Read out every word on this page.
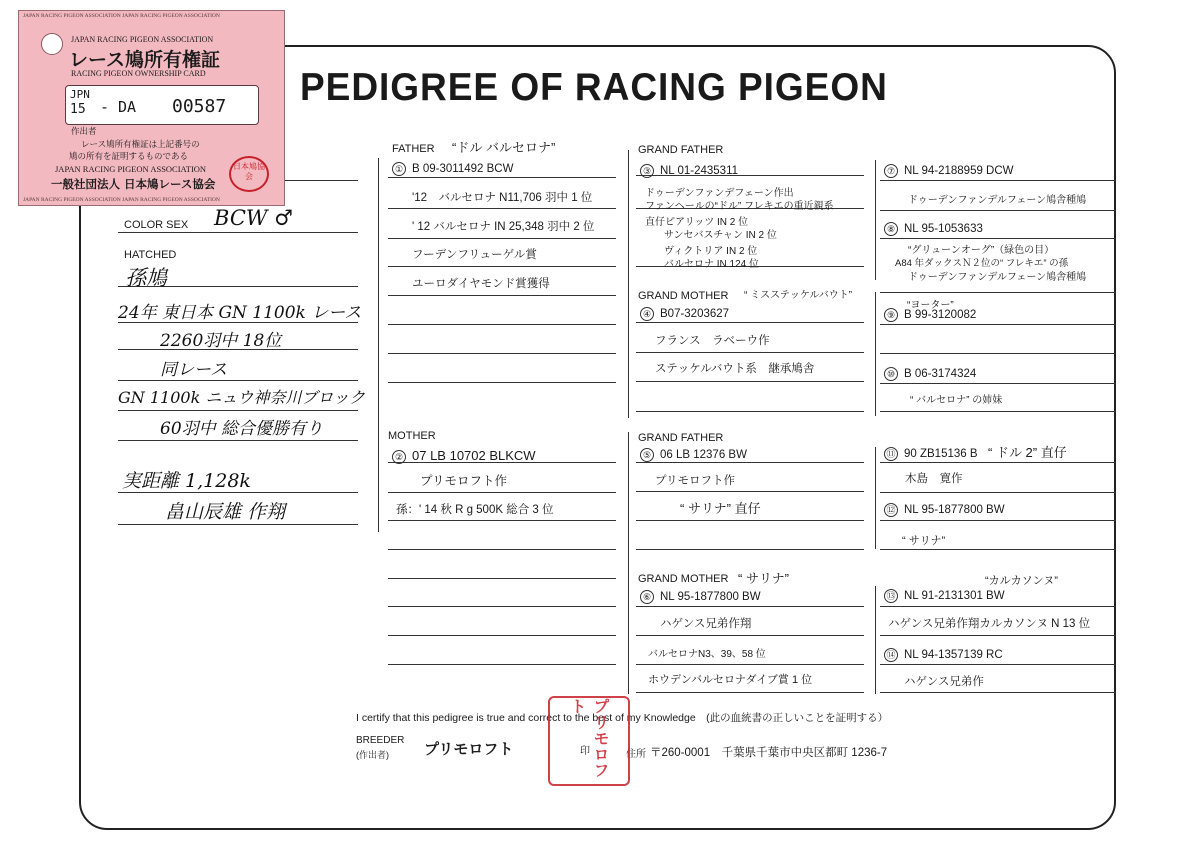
PEDIGREE OF RACING PIGEON
COLOR SEX BCW ♂
HATCHED
孫鳩
24年 東日本 GN 1100k レース
2260羽中 18位
同レース
GN 1100k ニュウ神奈川ブロック
60羽中 総合優勝有り
実距離 1,128k
畠山辰雄 作翔
FATHER “ドル バルセロナ”
① B 09-3011492 BCW
'12　バルセロナ N11,706 羽中 1 位
' 12 バルセロナ IN 25,348 羽中 2 位
フーデンフリューゲル賞
ユーロダイヤモンド賞獲得
MOTHER
② 07 LB 10702 BLKCW
プリモロフト作
孫：' 14 秋 R g 500K 総合 3 位
GRAND FATHER
③ NL 01-2435311
ドゥーデンファンデフェーン作出
ファンヘールの“ドル” フレキエの重近親系
直仔ピアリッツ IN 2 位
サンセバスチャン IN 2 位
ヴィクトリア IN 2 位
バルセロナ IN 124 位
GRAND MOTHER “ ミスステッケルバウト”
④ B07-3203627
フランス　ラベーウ作
ステッケルバウト系　継承鳩舎
GRAND FATHER
⑤ 06 LB 12376 BW
プリモロフト作
“ サリナ” 直仔
GRAND MOTHER “ サリナ”
⑥ NL 95-1877800 BW
ハゲンス兄弟作翔
バルセロナN3、39、58 位
ホウデンバルセロナダイブ賞 1 位
⑦ NL 94-2188959 DCW
ドゥーデンファンデルフェーン鳩舎種鳩
⑧ NL 95-1053633
“グリューンオーグ”（緑色の目）
A84 年ダックスＮ２位の“ フレキエ” の孫
ドゥーデンファンデルフェーン鳩舎種鳩
“ヨーター”
⑨ B 99-3120082
⑩ B 06-3174324
“ バルセロナ” の姉妹
⑪ 90 ZB15136 B “ ドル 2” 直仔
木島　寛作
⑫ NL 95-1877800 BW
“ サリナ”
“カルカソンヌ”
⑬ NL 91-2131301 BW
ハゲンス兄弟作翔カルカソンヌ N 13 位
⑭ NL 94-1357139 RC
ハゲンス兄弟作
I certify that this pedigree is true and correct to the best of my Knowledge　(此の血統書の正しいことを証明する）
BREEDER
(作出者) プリモロフト	印	住所 〒260-0001　千葉県千葉市中央区都町 1236-7
プリモロフト
JAPAN RACING PIGEON ASSOCIATION JAPAN RACING PIGEON ASSOCIATION
JAPAN RACING PIGEON ASSOCIATION JAPAN RACING PIGEON ASSOCIATION
JAPAN RACING PIGEON ASSOCIATION
レース鳩所有権証
RACING PIGEON OWNERSHIP CARD
JPN
15 - DA 00587
作出者
レース鳩所有権証は上記番号の
鳩の所有を証明するものである
JAPAN RACING PIGEON ASSOCIATION
一般社団法人 日本鳩レース協会
日本鳩協会
